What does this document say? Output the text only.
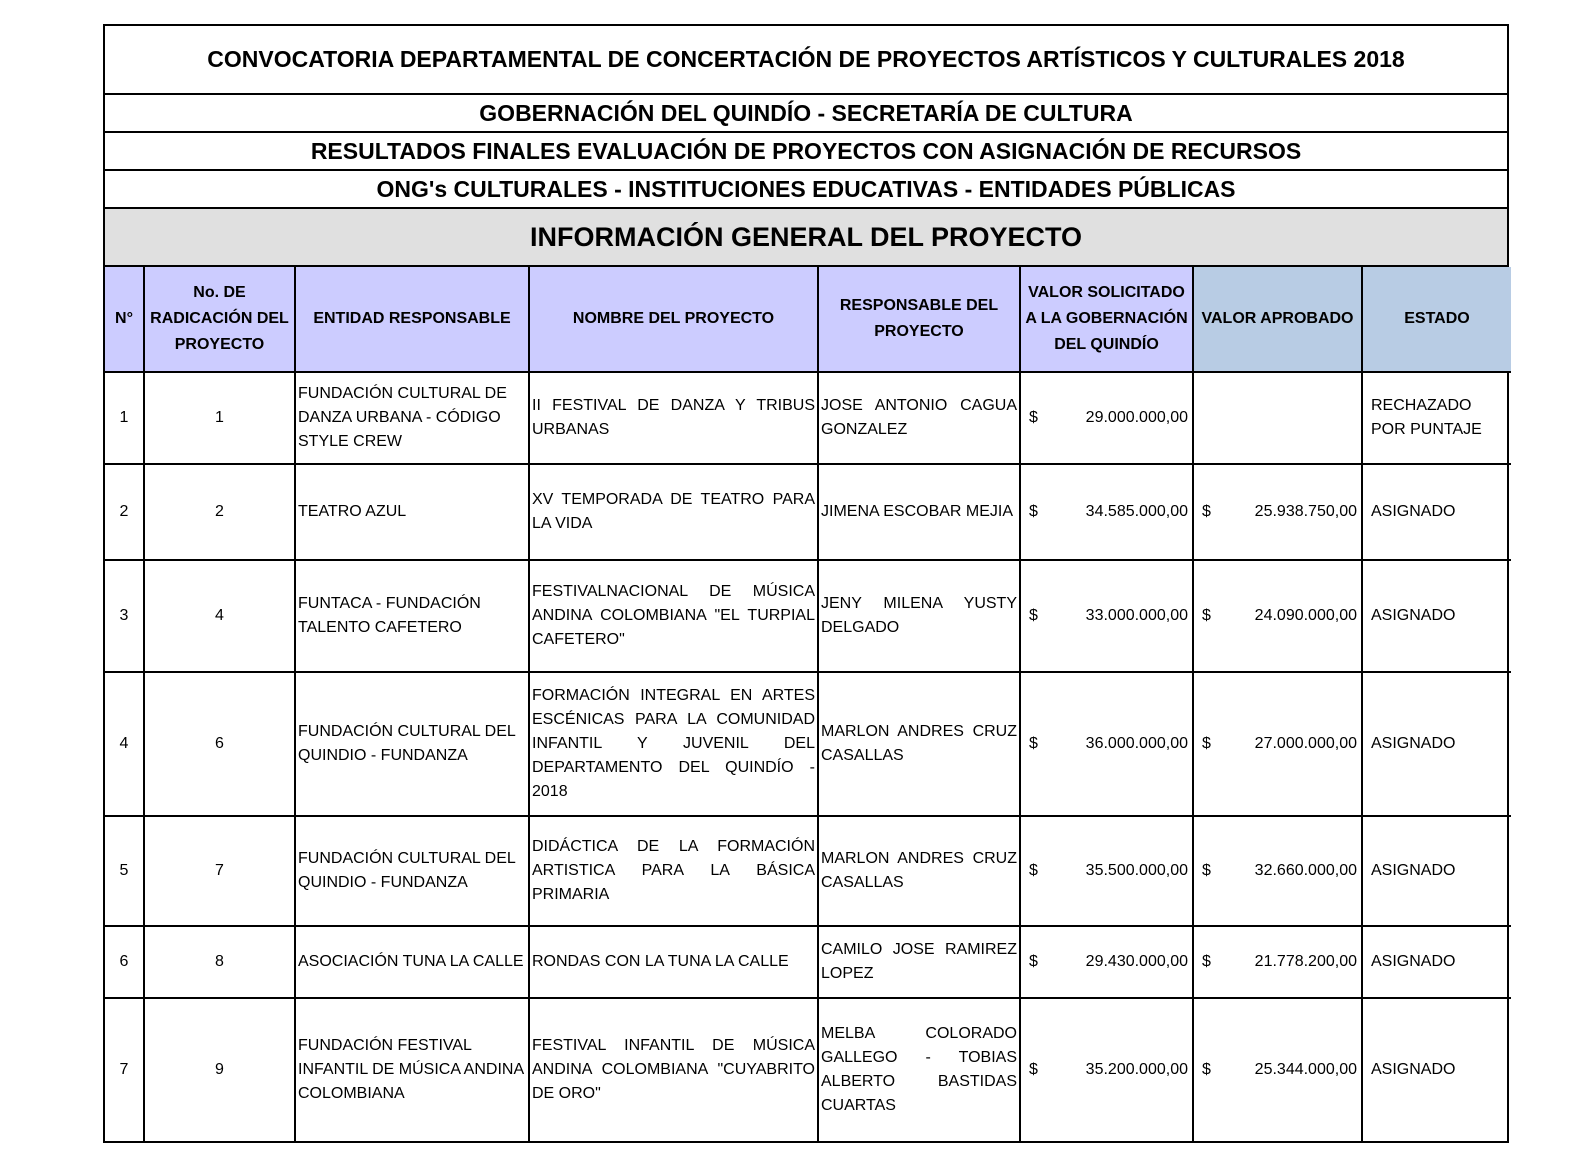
CONVOCATORIA DEPARTAMENTAL DE CONCERTACIÓN DE PROYECTOS ARTÍSTICOS Y CULTURALES 2018
GOBERNACIÓN DEL QUINDÍO - SECRETARÍA DE CULTURA
RESULTADOS FINALES EVALUACIÓN DE PROYECTOS CON ASIGNACIÓN DE RECURSOS
ONG's CULTURALES - INSTITUCIONES EDUCATIVAS - ENTIDADES PÚBLICAS
INFORMACIÓN GENERAL DEL PROYECTO
N°	No. DE RADICACIÓN DEL PROYECTO	ENTIDAD RESPONSABLE	NOMBRE DEL PROYECTO	RESPONSABLE DEL PROYECTO	VALOR SOLICITADO A LA GOBERNACIÓN DEL QUINDÍO	VALOR APROBADO	ESTADO
1	1	FUNDACIÓN CULTURAL DE DANZA URBANA - CÓDIGO STYLE CREW	II FESTIVAL DE DANZA Y TRIBUS URBANAS	JOSE ANTONIO CAGUA GONZALEZ	$ 29.000.000,00		RECHAZADO POR PUNTAJE
2	2	TEATRO AZUL	XV TEMPORADA DE TEATRO PARA LA VIDA	JIMENA ESCOBAR MEJIA	$ 34.585.000,00	$ 25.938.750,00	ASIGNADO
3	4	FUNTACA - FUNDACIÓN TALENTO CAFETERO	FESTIVALNACIONAL DE MÚSICA ANDINA COLOMBIANA "EL TURPIAL CAFETERO"	JENY MILENA YUSTY DELGADO	$ 33.000.000,00	$ 24.090.000,00	ASIGNADO
4	6	FUNDACIÓN CULTURAL DEL QUINDIO - FUNDANZA	FORMACIÓN INTEGRAL EN ARTES ESCÉNICAS PARA LA COMUNIDAD INFANTIL Y JUVENIL DEL DEPARTAMENTO DEL QUINDÍO - 2018	MARLON ANDRES CRUZ CASALLAS	$ 36.000.000,00	$ 27.000.000,00	ASIGNADO
5	7	FUNDACIÓN CULTURAL DEL QUINDIO - FUNDANZA	DIDÁCTICA DE LA FORMACIÓN ARTISTICA PARA LA BÁSICA PRIMARIA	MARLON ANDRES CRUZ CASALLAS	$ 35.500.000,00	$ 32.660.000,00	ASIGNADO
6	8	ASOCIACIÓN TUNA LA CALLE	RONDAS CON LA TUNA LA CALLE	CAMILO JOSE RAMIREZ LOPEZ	$ 29.430.000,00	$ 21.778.200,00	ASIGNADO
7	9	FUNDACIÓN FESTIVAL INFANTIL DE MÚSICA ANDINA COLOMBIANA	FESTIVAL INFANTIL DE MÚSICA ANDINA COLOMBIANA "CUYABRITO DE ORO"	MELBA COLORADO GALLEGO - TOBIAS ALBERTO BASTIDAS CUARTAS	$ 35.200.000,00	$ 25.344.000,00	ASIGNADO
